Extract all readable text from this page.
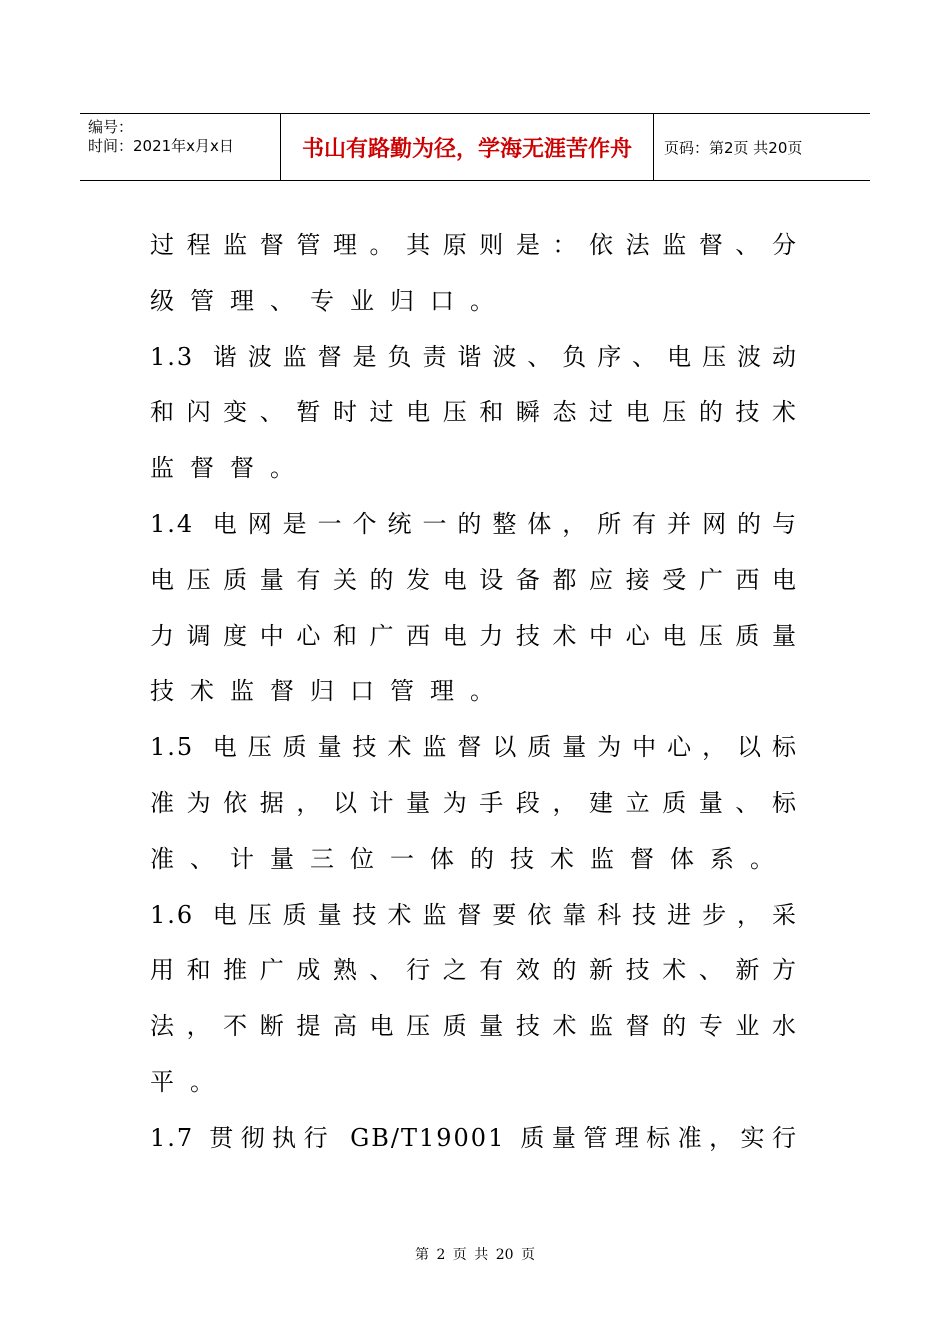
编号：
时间：2021年x月x日	书山有路勤为径，学海无涯苦作舟	页码：第2页 共20页
过程监督管理。其原则是：依法监督、分
级管理、专业归口。
1.3 谐波监督是负责谐波、负序、电压波动
和闪变、暂时过电压和瞬态过电压的技术
监督督。
1.4 电网是一个统一的整体，所有并网的与
电压质量有关的发电设备都应接受广西电
力调度中心和广西电力技术中心电压质量
技术监督归口管理。
1.5 电压质量技术监督以质量为中心，以标
准为依据，以计量为手段，建立质量、标
准、计量三位一体的技术监督体系。
1.6 电压质量技术监督要依靠科技进步，采
用和推广成熟、行之有效的新技术、新方
法，不断提高电压质量技术监督的专业水
平。
1.7 贯彻执行 GB/T19001 质量管理标准，实行
第 2 页 共 20 页
